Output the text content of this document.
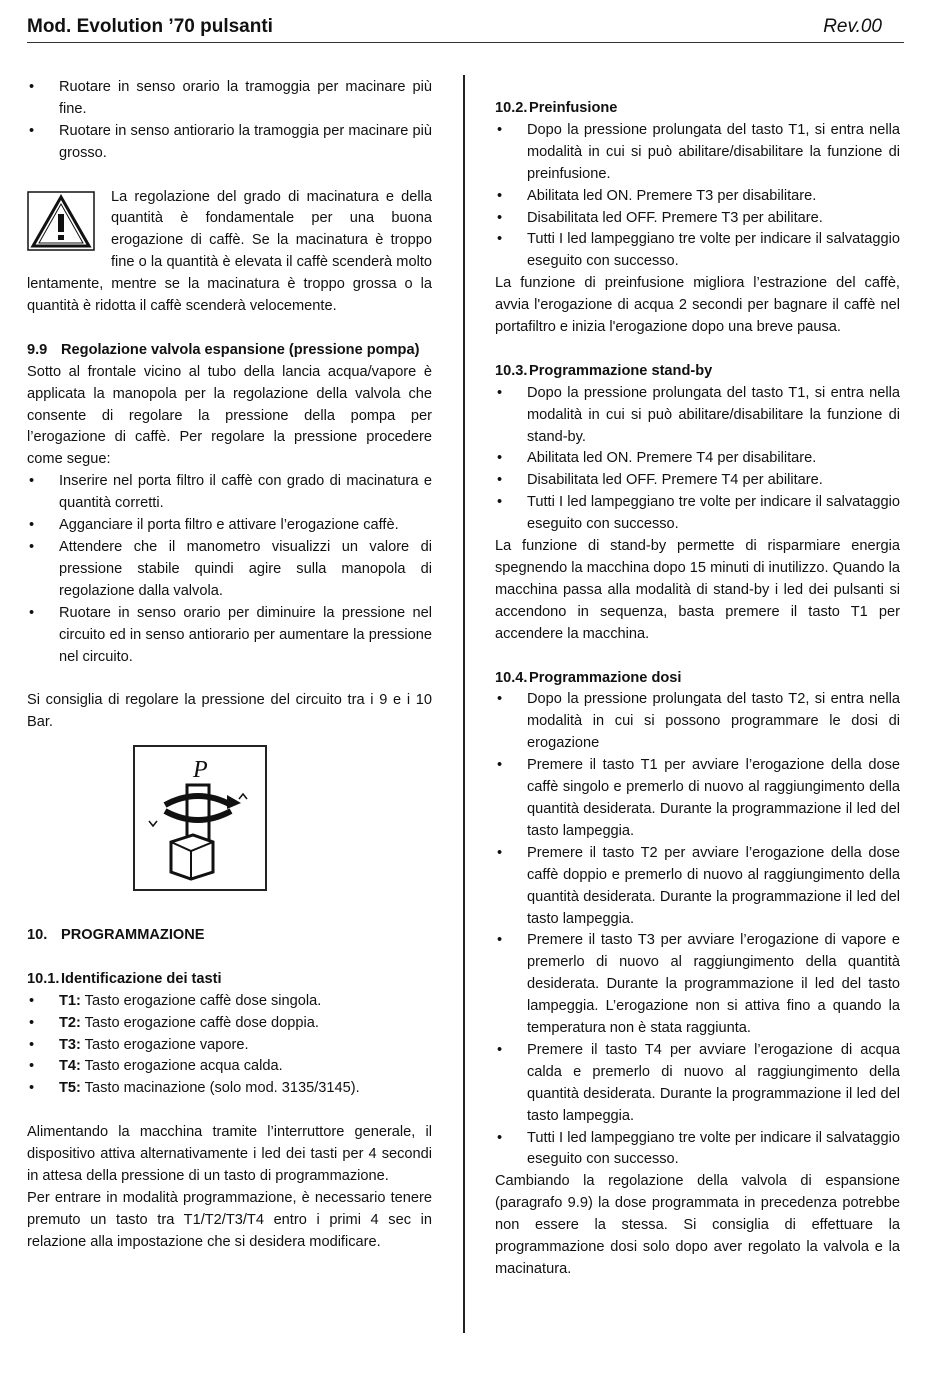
Mod. Evolution ’70 pulsanti	Rev.00
• Ruotare in senso orario la tramoggia per macinare più fine.
• Ruotare in senso antiorario la tramoggia per macinare più grosso.

La regolazione del grado di macinatura e della quantità è fondamentale per una buona erogazione di caffè. Se la macinatura è troppo fine o la quantità è elevata il caffè scenderà molto lentamente, mentre se la macinatura è troppo grossa o la quantità è ridotta il caffè scenderà velocemente.

9.9 Regolazione valvola espansione (pressione pompa)

Sotto al frontale vicino al tubo della lancia acqua/vapore è applicata la manopola per la regolazione della valvola che consente di regolare la pressione della pompa per l’erogazione di caffè. Per regolare la pressione procedere come segue:

• Inserire nel porta filtro il caffè con grado di macinatura e quantità corretti.
• Agganciare il porta filtro e attivare l’erogazione caffè.
• Attendere che il manometro visualizzi un valore di pressione stabile quindi agire sulla manopola di regolazione dalla valvola.
• Ruotare in senso orario per diminuire la pressione nel circuito ed in senso antiorario per aumentare la pressione nel circuito.

Si consiglia di regolare la pressione del circuito tra i 9 e i 10 Bar.

P
10. PROGRAMMAZIONE
10.1. Identificazione dei tasti
• T1: Tasto erogazione caffè dose singola.
• T2: Tasto erogazione caffè dose doppia.
• T3: Tasto erogazione vapore.
• T4: Tasto erogazione acqua calda.
• T5: Tasto macinazione (solo mod. 3135/3145).

Alimentando la macchina tramite l’interruttore generale, il dispositivo attiva alternativamente i led dei tasti per 4 secondi in attesa della pressione di un tasto di programmazione.

Per entrare in modalità programmazione, è necessario tenere premuto un tasto tra T1/T2/T3/T4 entro i primi 4 sec in relazione alla impostazione che si desidera modificare.

10.2. Preinfusione
• Dopo la pressione prolungata del tasto T1, si entra nella modalità in cui si può abilitare/disabilitare la funzione di preinfusione.
• Abilitata led ON. Premere T3 per disabilitare.
• Disabilitata led OFF. Premere T3 per abilitare.
• Tutti I led lampeggiano tre volte per indicare il salvataggio eseguito con successo.

La funzione di preinfusione migliora l’estrazione del caffè, avvia l'erogazione di acqua 2 secondi per bagnare il caffè nel portafiltro e inizia l'erogazione dopo una breve pausa.

10.3. Programmazione stand-by
• Dopo la pressione prolungata del tasto T1, si entra nella modalità in cui si può abilitare/disabilitare la funzione di stand-by.
• Abilitata led ON. Premere T4 per disabilitare.
• Disabilitata led OFF. Premere T4 per abilitare.
• Tutti I led lampeggiano tre volte per indicare il salvataggio eseguito con successo.

La funzione di stand-by permette di risparmiare energia spegnendo la macchina dopo 15 minuti di inutilizzo. Quando la macchina passa alla modalità di stand-by i led dei pulsanti si accendono in sequenza, basta premere il tasto T1 per accendere la macchina.

10.4. Programmazione dosi
• Dopo la pressione prolungata del tasto T2, si entra nella modalità in cui si possono programmare le dosi di erogazione
• Premere il tasto T1 per avviare l’erogazione della dose caffè singolo e premerlo di nuovo al raggiungimento della quantità desiderata. Durante la programmazione il led del tasto lampeggia.
• Premere il tasto T2 per avviare l’erogazione della dose caffè doppio e premerlo di nuovo al raggiungimento della quantità desiderata. Durante la programmazione il led del tasto lampeggia.
• Premere il tasto T3 per avviare l’erogazione di vapore e premerlo di nuovo al raggiungimento della quantità desiderata. Durante la programmazione il led del tasto lampeggia. L’erogazione non si attiva fino a quando la temperatura non è stata raggiunta.
• Premere il tasto T4 per avviare l’erogazione di acqua calda e premerlo di nuovo al raggiungimento della quantità desiderata. Durante la programmazione il led del tasto lampeggia.
• Tutti I led lampeggiano tre volte per indicare il salvataggio eseguito con successo.

Cambiando la regolazione della valvola di espansione (paragrafo 9.9) la dose programmata in precedenza potrebbe non essere la stessa. Si consiglia di effettuare la programmazione dosi solo dopo aver regolato la valvola e la macinatura.
